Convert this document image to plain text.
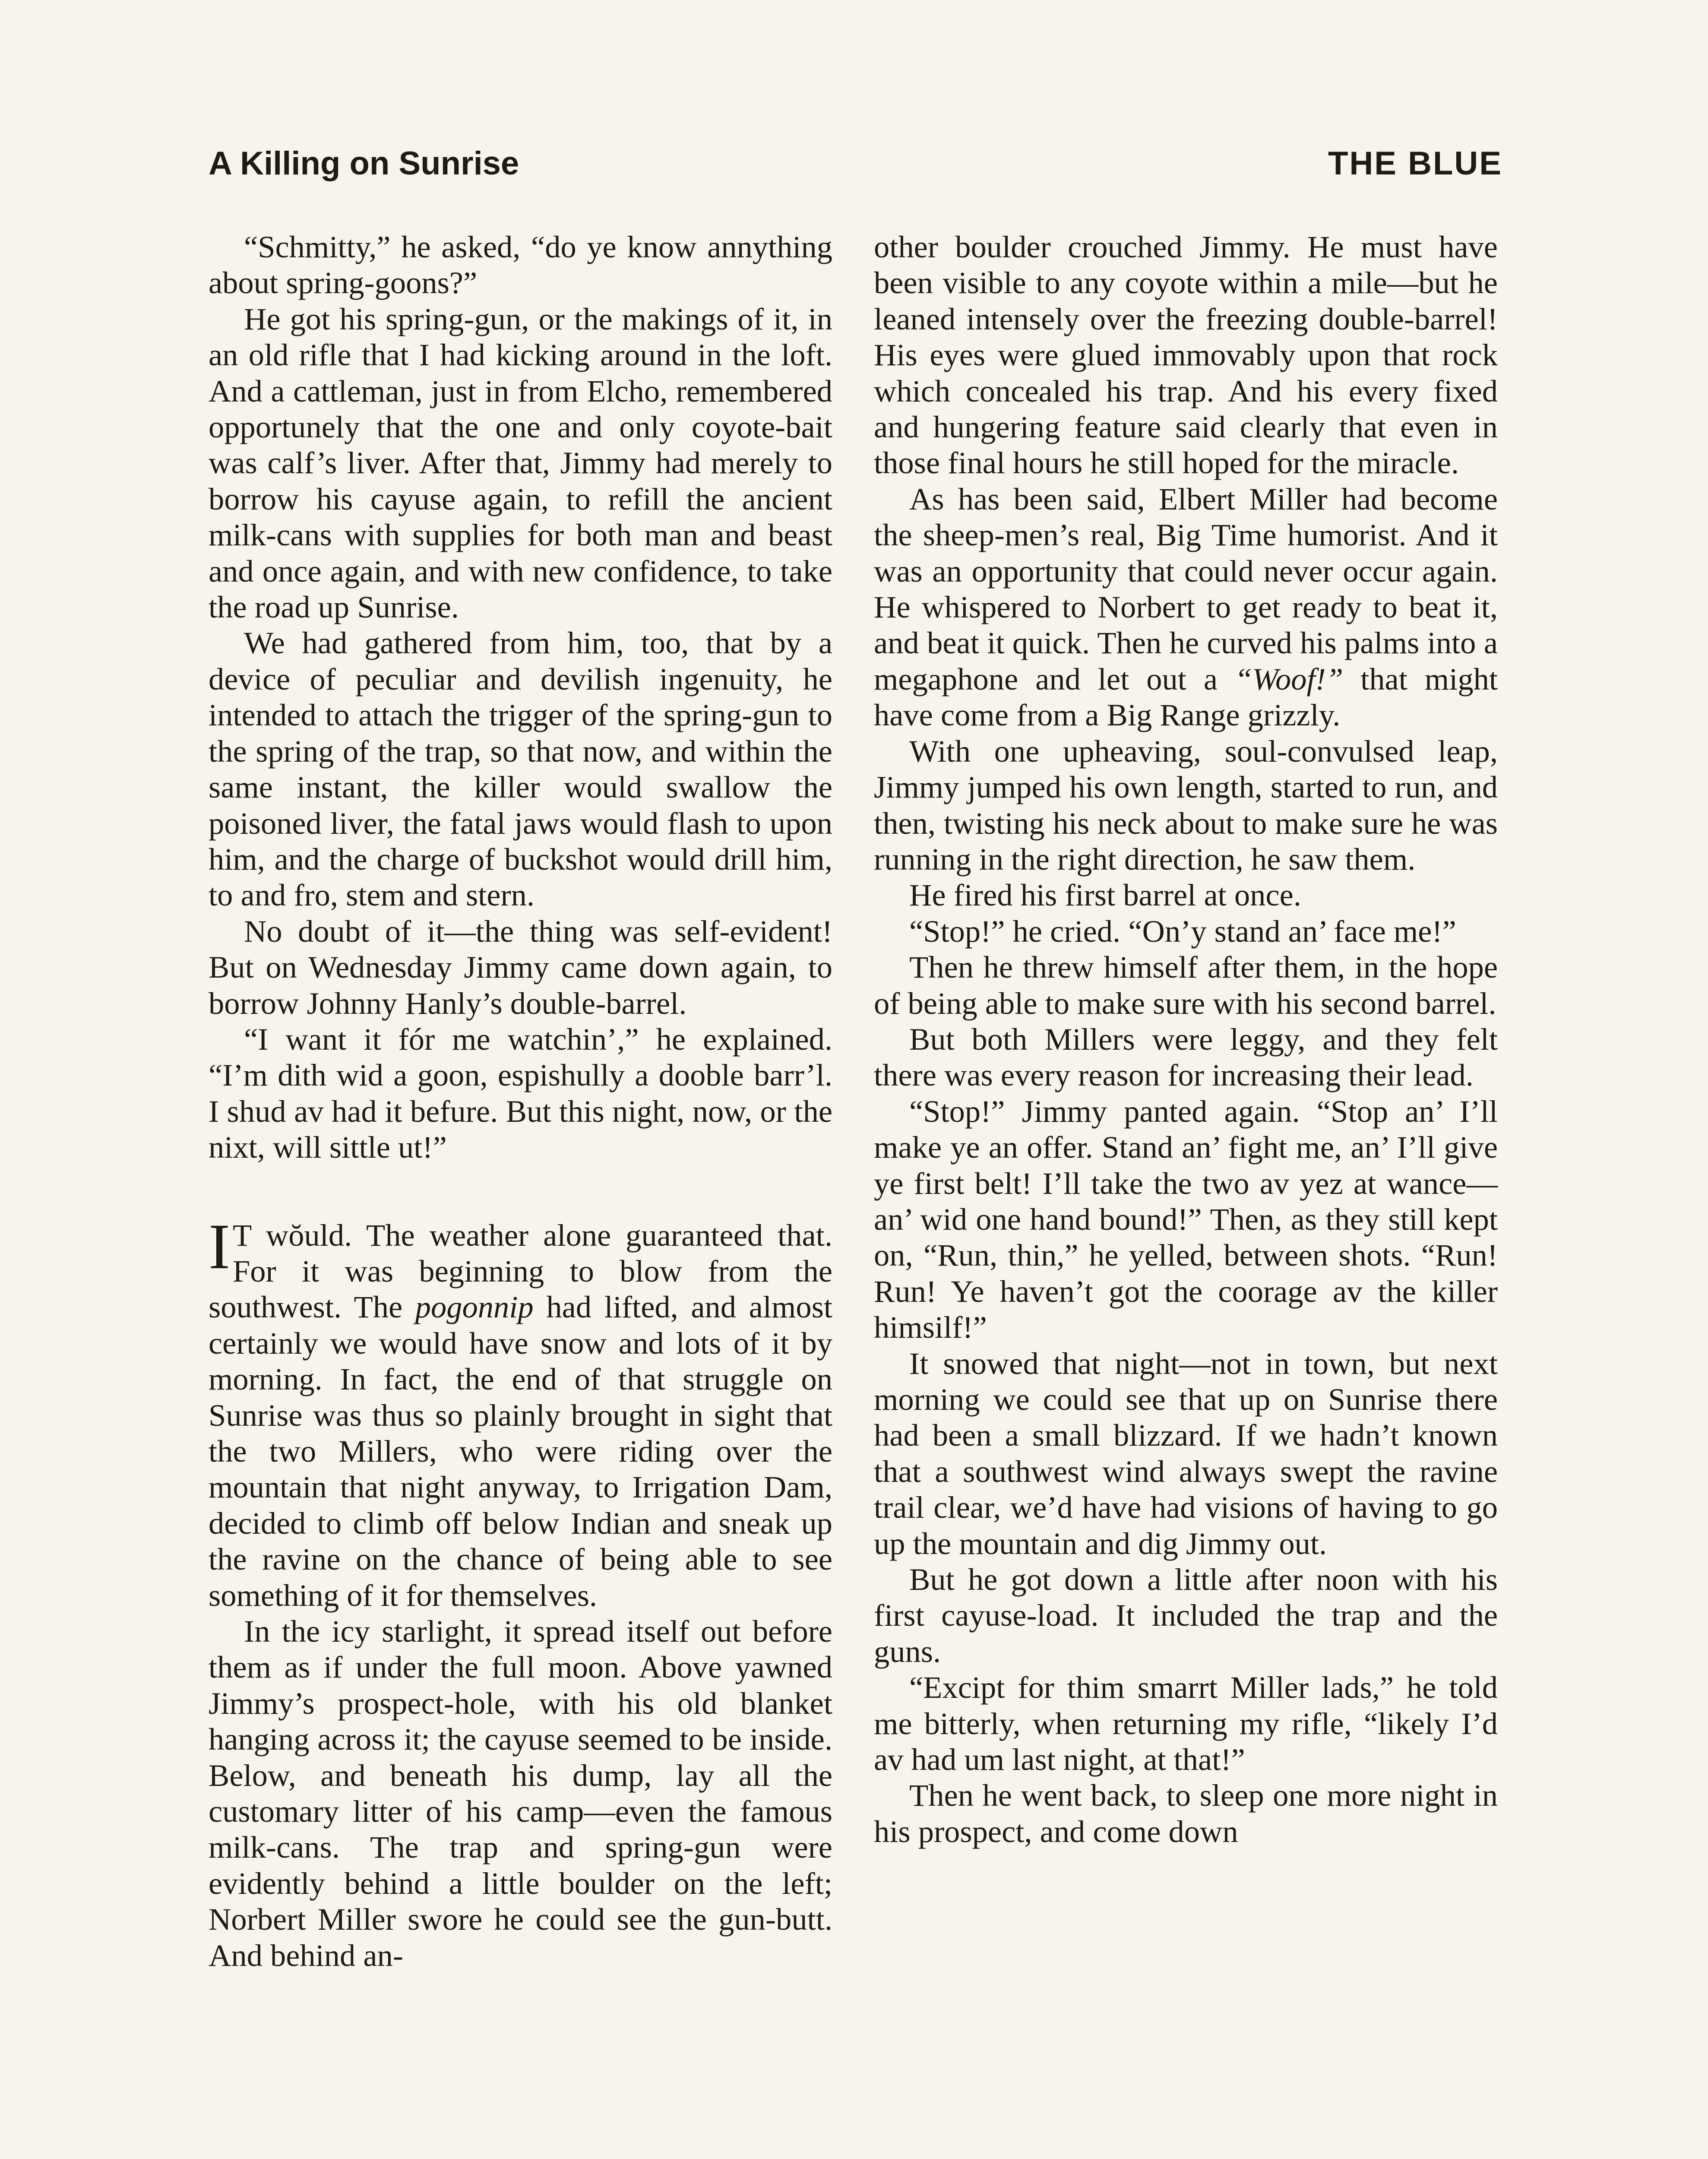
A Killing on Sunrise	THE BLUE

“Schmitty,” he asked, “do ye know annything about spring-goons?”

He got his spring-gun, or the makings of it, in an old rifle that I had kicking around in the loft. And a cattleman, just in from Elcho, remembered opportunely that the one and only coyote-bait was calf’s liver. After that, Jimmy had merely to borrow his cayuse again, to refill the ancient milk-cans with supplies for both man and beast and once again, and with new confidence, to take the road up Sunrise.

We had gathered from him, too, that by a device of peculiar and devilish ingenuity, he intended to attach the trigger of the spring-gun to the spring of the trap, so that now, and within the same instant, the killer would swallow the poisoned liver, the fatal jaws would flash to upon him, and the charge of buckshot would drill him, to and fro, stem and stern.

No doubt of it—the thing was self-evident! But on Wednesday Jimmy came down again, to borrow Johnny Hanly’s double-barrel.

“I want it fór me watchin’,” he explained. “I’m dith wid a goon, espishully a dooble barr’l. I shud av had it befure. But this night, now, or the nixt, will sittle ut!”

I T wŏuld. The weather alone guaranteed that. For it was beginning to blow from the southwest. The pogonnip had lifted, and almost certainly we would have snow and lots of it by morning. In fact, the end of that struggle on Sunrise was thus so plainly brought in sight that the two Millers, who were riding over the mountain that night anyway, to Irrigation Dam, decided to climb off below Indian and sneak up the ravine on the chance of being able to see something of it for themselves.

In the icy starlight, it spread itself out before them as if under the full moon. Above yawned Jimmy’s prospect-hole, with his old blanket hanging across it; the cayuse seemed to be inside. Below, and beneath his dump, lay all the customary litter of his camp—even the famous milk-cans. The trap and spring-gun were evidently behind a little boulder on the left; Norbert Miller swore he could see the gun-butt. And behind an-

other boulder crouched Jimmy. He must have been visible to any coyote within a mile—but he leaned intensely over the freezing double-barrel! His eyes were glued immovably upon that rock which concealed his trap. And his every fixed and hungering feature said clearly that even in those final hours he still hoped for the miracle.

As has been said, Elbert Miller had become the sheep-men’s real, Big Time humorist. And it was an opportunity that could never occur again. He whispered to Norbert to get ready to beat it, and beat it quick. Then he curved his palms into a megaphone and let out a “Woof!” that might have come from a Big Range grizzly.

With one upheaving, soul-convulsed leap, Jimmy jumped his own length, started to run, and then, twisting his neck about to make sure he was running in the right direction, he saw them.

He fired his first barrel at once.

“Stop!” he cried. “On’y stand an’ face me!”

Then he threw himself after them, in the hope of being able to make sure with his second barrel.

But both Millers were leggy, and they felt there was every reason for increasing their lead.

“Stop!” Jimmy panted again. “Stop an’ I’ll make ye an offer. Stand an’ fight me, an’ I’ll give ye first belt! I’ll take the two av yez at wance—an’ wid one hand bound!” Then, as they still kept on, “Run, thin,” he yelled, between shots. “Run! Run! Ye haven’t got the coorage av the killer himsilf!”

It snowed that night—not in town, but next morning we could see that up on Sunrise there had been a small blizzard. If we hadn’t known that a southwest wind always swept the ravine trail clear, we’d have had visions of having to go up the mountain and dig Jimmy out.

But he got down a little after noon with his first cayuse-load. It included the trap and the guns.

“Excipt for thim smarrt Miller lads,” he told me bitterly, when returning my rifle, “likely I’d av had um last night, at that!”

Then he went back, to sleep one more night in his prospect, and come down
